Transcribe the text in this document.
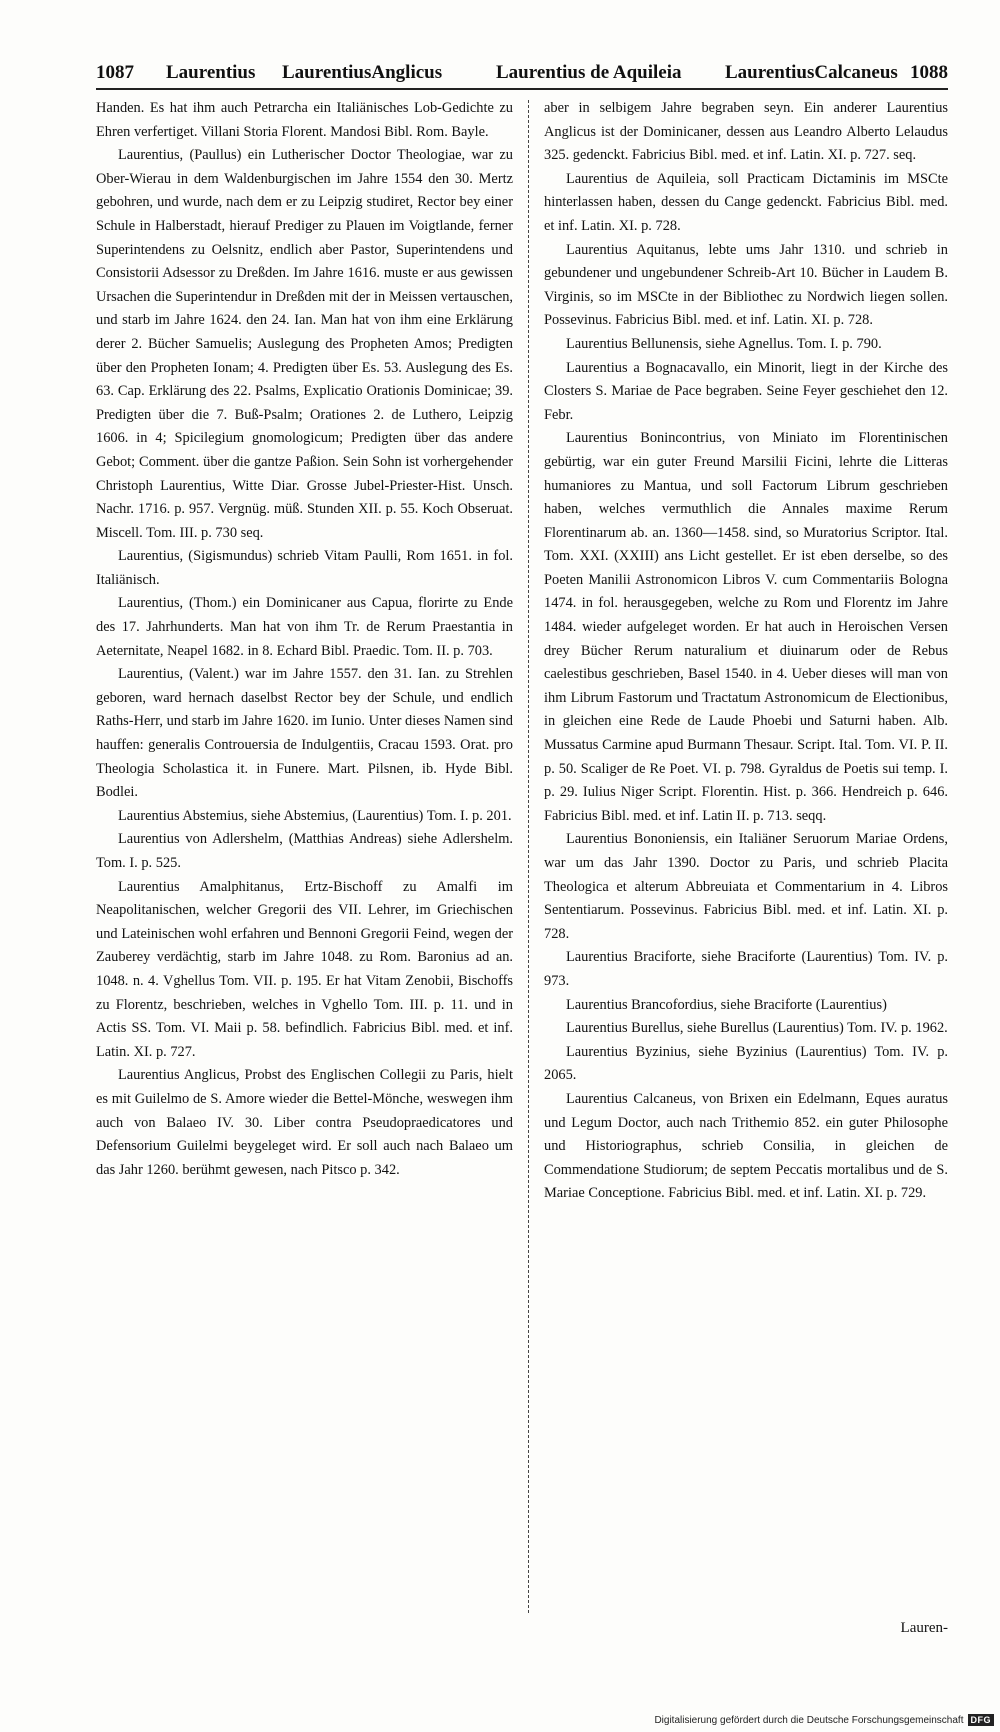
1087 Laurentius LaurentiusAnglicus	Laurentius de Aquileia LaurentiusCalcaneus 1088

Handen. Es hat ihm auch Petrarcha ein Italiänisches Lob-Gedichte zu Ehren verfertiget. Villani Storia Florent. Mandosi Bibl. Rom. Bayle.

Laurentius, (Paullus) ein Lutherischer Doctor Theologiae, war zu Ober-Wierau in dem Waldenburgischen im Jahre 1554 den 30. Mertz gebohren, und wurde, nach dem er zu Leipzig studiret, Rector bey einer Schule in Halberstadt, hierauf Prediger zu Plauen im Voigtlande, ferner Superintendens zu Oelsnitz, endlich aber Pastor, Superintendens und Consistorii Adsessor zu Dreßden. Im Jahre 1616. muste er aus gewissen Ursachen die Superintendur in Dreßden mit der in Meissen vertauschen, und starb im Jahre 1624. den 24. Ian. Man hat von ihm eine Erklärung derer 2. Bücher Samuelis; Auslegung des Propheten Amos; Predigten über den Propheten Ionam; 4. Predigten über Es. 53. Auslegung des Es. 63. Cap. Erklärung des 22. Psalms, Explicatio Orationis Dominicae; 39. Predigten über die 7. Buß-Psalm; Orationes 2. de Luthero, Leipzig 1606. in 4; Spicilegium gnomologicum; Predigten über das andere Gebot; Comment. über die gantze Paßion. Sein Sohn ist vorhergehender Christoph Laurentius, Witte Diar. Grosse Jubel-Priester-Hist. Unsch. Nachr. 1716. p. 957. Vergnüg. müß. Stunden XII. p. 55. Koch Obseruat. Miscell. Tom. III. p. 730 seq.

Laurentius, (Sigismundus) schrieb Vitam Paulli, Rom 1651. in fol. Italiänisch.

Laurentius, (Thom.) ein Dominicaner aus Capua, florirte zu Ende des 17. Jahrhunderts. Man hat von ihm Tr. de Rerum Praestantia in Aeternitate, Neapel 1682. in 8. Echard Bibl. Praedic. Tom. II. p. 703.

Laurentius, (Valent.) war im Jahre 1557. den 31. Ian. zu Strehlen geboren, ward hernach daselbst Rector bey der Schule, und endlich Raths-Herr, und starb im Jahre 1620. im Iunio. Unter dieses Namen sind hauffen: generalis Controuersia de Indulgentiis, Cracau 1593. Orat. pro Theologia Scholastica it. in Funere. Mart. Pilsnen, ib. Hyde Bibl. Bodlei.

Laurentius Abstemius, siehe Abstemius, (Laurentius) Tom. I. p. 201.

Laurentius von Adlershelm, (Matthias Andreas) siehe Adlershelm. Tom. I. p. 525.

Laurentius Amalphitanus, Ertz-Bischoff zu Amalfi im Neapolitanischen, welcher Gregorii des VII. Lehrer, im Griechischen und Lateinischen wohl erfahren und Bennoni Gregorii Feind, wegen der Zauberey verdächtig, starb im Jahre 1048. zu Rom. Baronius ad an. 1048. n. 4. Vghellus Tom. VII. p. 195. Er hat Vitam Zenobii, Bischoffs zu Florentz, beschrieben, welches in Vghello Tom. III. p. 11. und in Actis SS. Tom. VI. Maii p. 58. befindlich. Fabricius Bibl. med. et inf. Latin. XI. p. 727.

Laurentius Anglicus, Probst des Englischen Collegii zu Paris, hielt es mit Guilelmo de S. Amore wieder die Bettel-Mönche, weswegen ihm auch von Balaeo IV. 30. Liber contra Pseudopraedicatores und Defensorium Guilelmi beygeleget wird. Er soll auch nach Balaeo um das Jahr 1260. berühmt gewesen, nach Pitsco p. 342.

aber in selbigem Jahre begraben seyn. Ein anderer Laurentius Anglicus ist der Dominicaner, dessen aus Leandro Alberto Lelaudus 325. gedenckt. Fabricius Bibl. med. et inf. Latin. XI. p. 727. seq.

Laurentius de Aquileia, soll Practicam Dictaminis im MSCte hinterlassen haben, dessen du Cange gedenckt. Fabricius Bibl. med. et inf. Latin. XI. p. 728.

Laurentius Aquitanus, lebte ums Jahr 1310. und schrieb in gebundener und ungebundener Schreib-Art 10. Bücher in Laudem B. Virginis, so im MSCte in der Bibliothec zu Nordwich liegen sollen. Possevinus. Fabricius Bibl. med. et inf. Latin. XI. p. 728.

Laurentius Bellunensis, siehe Agnellus. Tom. I. p. 790.

Laurentius a Bognacavallo, ein Minorit, liegt in der Kirche des Closters S. Mariae de Pace begraben. Seine Feyer geschiehet den 12. Febr.

Laurentius Bonincontrius, von Miniato im Florentinischen gebürtig, war ein guter Freund Marsilii Ficini, lehrte die Litteras humaniores zu Mantua, und soll Factorum Librum geschrieben haben, welches vermuthlich die Annales maxime Rerum Florentinarum ab. an. 1360—1458. sind, so Muratorius Scriptor. Ital. Tom. XXI. (XXIII) ans Licht gestellet. Er ist eben derselbe, so des Poeten Manilii Astronomicon Libros V. cum Commentariis Bologna 1474. in fol. herausgegeben, welche zu Rom und Florentz im Jahre 1484. wieder aufgeleget worden. Er hat auch in Heroischen Versen drey Bücher Rerum naturalium et diuinarum oder de Rebus caelestibus geschrieben, Basel 1540. in 4. Ueber dieses will man von ihm Librum Fastorum und Tractatum Astronomicum de Electionibus, in gleichen eine Rede de Laude Phoebi und Saturni haben. Alb. Mussatus Carmine apud Burmann Thesaur. Script. Ital. Tom. VI. P. II. p. 50. Scaliger de Re Poet. VI. p. 798. Gyraldus de Poetis sui temp. I. p. 29. Iulius Niger Script. Florentin. Hist. p. 366. Hendreich p. 646. Fabricius Bibl. med. et inf. Latin II. p. 713. seqq.

Laurentius Bononiensis, ein Italiäner Seruorum Mariae Ordens, war um das Jahr 1390. Doctor zu Paris, und schrieb Placita Theologica et alterum Abbreuiata et Commentarium in 4. Libros Sententiarum. Possevinus. Fabricius Bibl. med. et inf. Latin. XI. p. 728.

Laurentius Braciforte, siehe Braciforte (Laurentius) Tom. IV. p. 973.

Laurentius Brancofordius, siehe Braciforte (Laurentius)

Laurentius Burellus, siehe Burellus (Laurentius) Tom. IV. p. 1962.

Laurentius Byzinius, siehe Byzinius (Laurentius) Tom. IV. p. 2065.

Laurentius Calcaneus, von Brixen ein Edelmann, Eques auratus und Legum Doctor, auch nach Trithemio 852. ein guter Philosophe und Historiographus, schrieb Consilia, in gleichen de Commendatione Studiorum; de septem Peccatis mortalibus und de S. Mariae Conceptione. Fabricius Bibl. med. et inf. Latin. XI. p. 729.

Lauren-
Digitalisierung gefördert durch die Deutsche Forschungsgemeinschaft DFG
